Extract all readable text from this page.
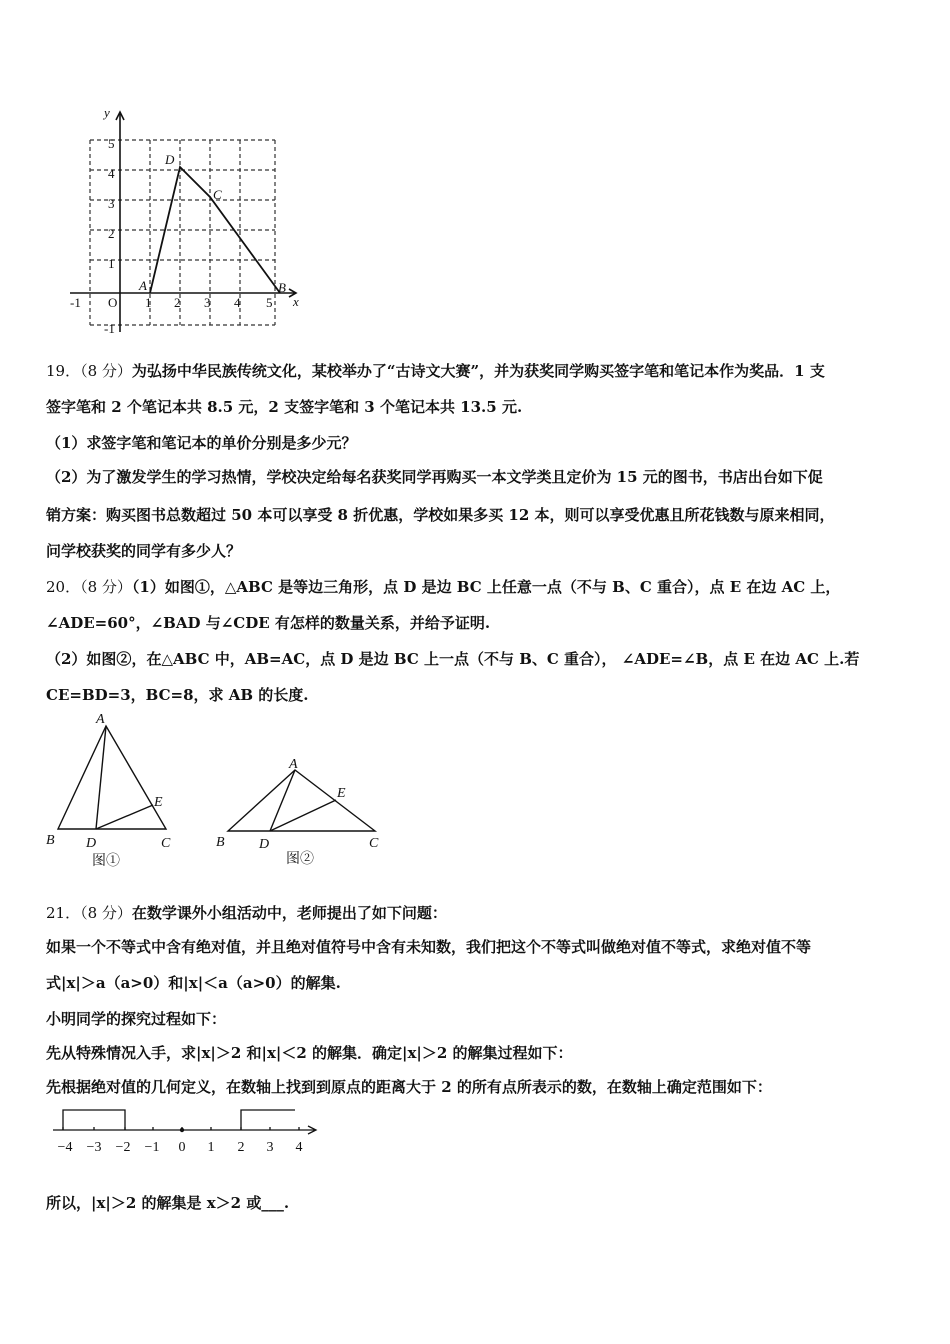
x
y
D
C
A	B
O
-1	1 2 3 4 5
5
4
3
2
1
-1
19．（8 分）为弘扬中华民族传统文化，某校举办了“古诗文大赛”，并为获奖同学购买签字笔和笔记本作为奖品．1 支
签字笔和 2 个笔记本共 8.5 元，2 支签字笔和 3 个笔记本共 13.5 元.
（1）求签字笔和笔记本的单价分别是多少元？
（2）为了激发学生的学习热情，学校决定给每名获奖同学再购买一本文学类且定价为 15 元的图书，书店出台如下促
销方案：购买图书总数超过 50 本可以享受 8 折优惠，学校如果多买 12 本，则可以享受优惠且所花钱数与原来相同，
问学校获奖的同学有多少人？
20．（8 分）（1）如图①，△ABC 是等边三角形，点 D 是边 BC 上任意一点（不与 B、C 重合），点 E 在边 AC 上，
∠ADE=60°，∠BAD 与∠CDE 有怎样的数量关系，并给予证明.
（2）如图②，在△ABC 中，AB=AC，点 D 是边 BC 上一点（不与 B、C 重合）， ∠ADE=∠B，点 E 在边 AC 上.若
CE=BD=3，BC=8，求 AB 的长度.
A
B D	C
E
图①
A
B D	C
E
图②
21．（8 分）在数学课外小组活动中，老师提出了如下问题：
如果一个不等式中含有绝对值，并且绝对值符号中含有未知数，我们把这个不等式叫做绝对值不等式，求绝对值不等
式|x|＞a（a>0）和|x|＜a（a>0）的解集.
小明同学的探究过程如下：
先从特殊情况入手，求|x|＞2 和|x|＜2 的解集．确定|x|＞2 的解集过程如下：
先根据绝对值的几何定义，在数轴上找到到原点的距离大于 2 的所有点所表示的数，在数轴上确定范围如下：
−4 −3 −2 −1 0 1 2 3 4
所以，|x|＞2 的解集是 x＞2 或___.
